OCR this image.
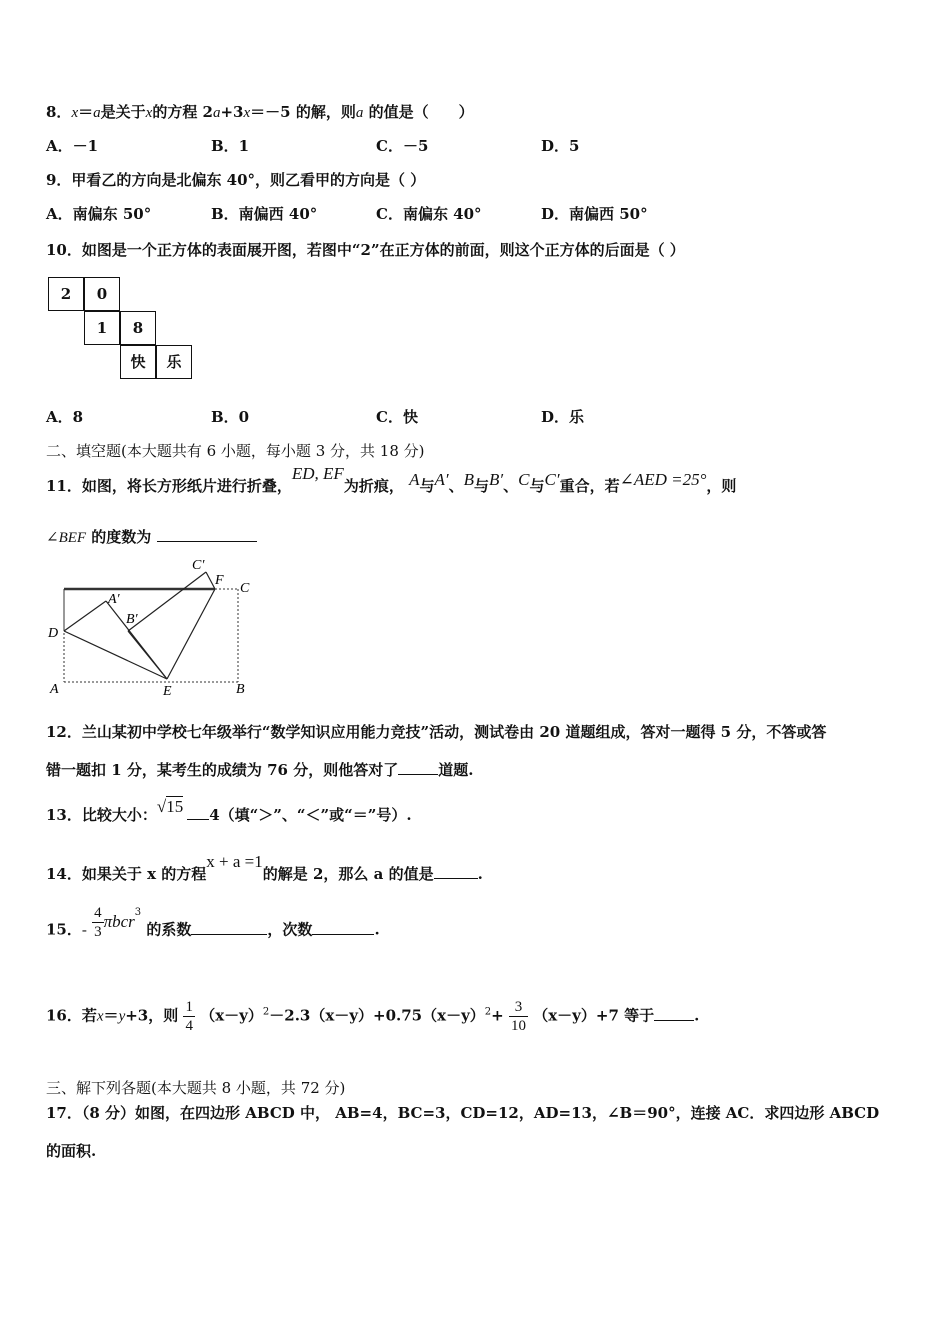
8．x＝a是关于x的方程 2a+3x＝－5 的解，则a 的值是（　　）
A．－1	B．1	C．－5	D．5
9．甲看乙的方向是北偏东 40°，则乙看甲的方向是（ ）
A．南偏东 50°	B．南偏西 40°	C．南偏东 40°	D．南偏西 50°
10．如图是一个正方体的表面展开图，若图中“2”在正方体的前面，则这个正方体的后面是（ ）
2	0
1	8
快	乐
A．8	B．0	C．快	D．乐
二、填空题(本大题共有 6 小题，每小题 3 分，共 18 分)
11．如图，将长方形纸片进行折叠，ED, EF为折痕， A与A′、B与B′、C与C′重合，若∠AED =25°，则
∠BEF 的度数为
D
A	E	B
C
F
C′
A′
B′
12．兰山某初中学校七年级举行“数学知识应用能力竞技”活动，测试卷由 20 道题组成，答对一题得 5 分，不答或答
错一题扣 1 分，某考生的成绩为 76 分，则他答对了	道题.
13．比较大小：√15 4（填“＞”、“＜”或“＝”号）.
14．如果关于 x 的方程x + a =1的解是 2，那么 a 的值是	.
15．- $\frac{4}{3} \pi bcr^3$ 的系数	，次数	.
16．若x＝y+3，则 $\frac{1}{4} (x-y)^2-2.3(x-y)+0.75(x-y)^2+ \frac{3}{10} (x-y)+7$ 等于	.
三、解下列各题(本大题共 8 小题，共 72 分)
17．（8 分）如图，在四边形 ABCD 中， AB=4，BC=3，CD=12，AD=13，∠B＝90°，连接 AC．求四边形 ABCD
的面积.
